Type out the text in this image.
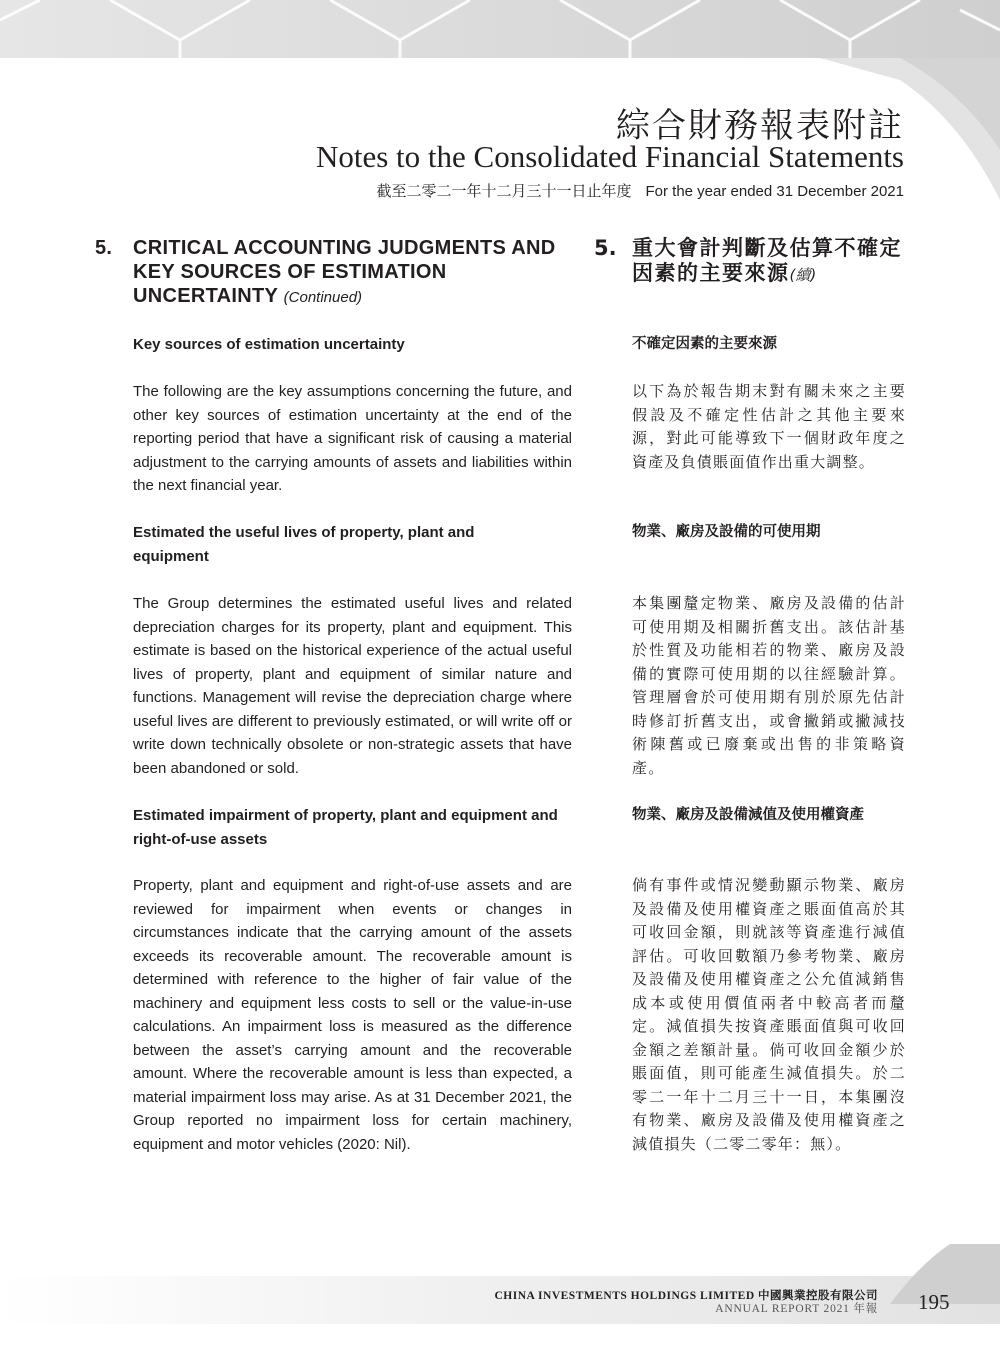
綜合財務報表附註
Notes to the Consolidated Financial Statements
截至二零二一年十二月三十一日止年度 For the year ended 31 December 2021
5.	CRITICAL ACCOUNTING JUDGMENTS AND KEY SOURCES OF ESTIMATION UNCERTAINTY (Continued)
Key sources of estimation uncertainty
The following are the key assumptions concerning the future, and other key sources of estimation uncertainty at the end of the reporting period that have a significant risk of causing a material adjustment to the carrying amounts of assets and liabilities within the next financial year.
Estimated the useful lives of property, plant and equipment
The Group determines the estimated useful lives and related depreciation charges for its property, plant and equipment. This estimate is based on the historical experience of the actual useful lives of property, plant and equipment of similar nature and functions. Management will revise the depreciation charge where useful lives are different to previously estimated, or will write off or write down technically obsolete or non-strategic assets that have been abandoned or sold.
Estimated impairment of property, plant and equipment and right-of-use assets
Property, plant and equipment and right-of-use assets and are reviewed for impairment when events or changes in circumstances indicate that the carrying amount of the assets exceeds its recoverable amount. The recoverable amount is determined with reference to the higher of fair value of the machinery and equipment less costs to sell or the value-in-use calculations. An impairment loss is measured as the difference between the asset’s carrying amount and the recoverable amount. Where the recoverable amount is less than expected, a material impairment loss may arise. As at 31 December 2021, the Group reported no impairment loss for certain machinery, equipment and motor vehicles (2020: Nil).
5. 重大會計判斷及估算不確定因素的主要來源(續)
不確定因素的主要來源
以下為於報告期末對有關未來之主要假設及不確定性估計之其他主要來源，對此可能導致下一個財政年度之資產及負債賬面值作出重大調整。
物業、廠房及設備的可使用期
本集團釐定物業、廠房及設備的估計可使用期及相關折舊支出。該估計基於性質及功能相若的物業、廠房及設備的實際可使用期的以往經驗計算。管理層會於可使用期有別於原先估計時修訂折舊支出，或會撇銷或撇減技術陳舊或已廢棄或出售的非策略資產。
物業、廠房及設備減值及使用權資產
倘有事件或情況變動顯示物業、廠房及設備及使用權資產之賬面值高於其可收回金額，則就該等資產進行減值評估。可收回數額乃參考物業、廠房及設備及使用權資產之公允值減銷售成本或使用價值兩者中較高者而釐定。減值損失按資產賬面值與可收回金額之差額計量。倘可收回金額少於賬面值，則可能產生減值損失。於二零二一年十二月三十一日，本集團沒有物業、廠房及設備及使用權資產之減值損失（二零二零年：無）。
CHINA INVESTMENTS HOLDINGS LIMITED 中國興業控股有限公司
ANNUAL REPORT 2021 年報 195
